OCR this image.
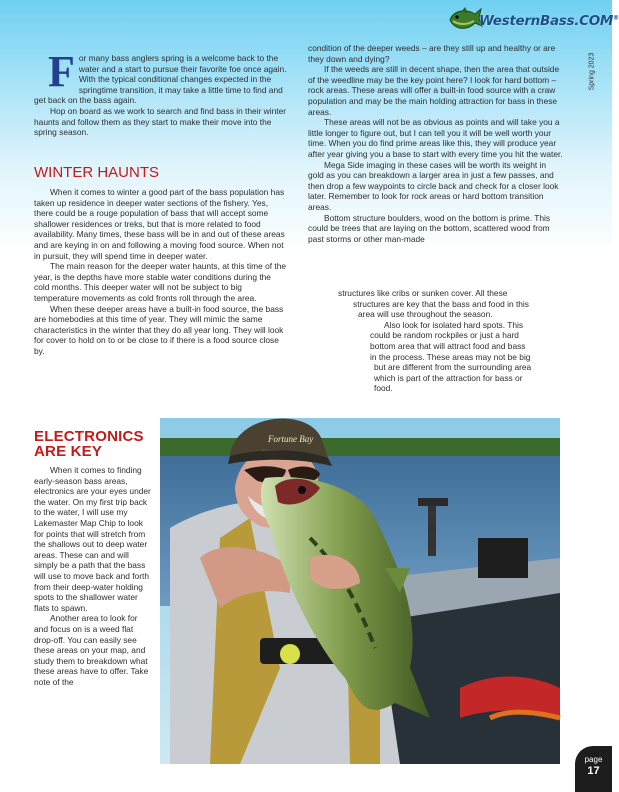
WesternBass.COM®
Spring 2023
F or many bass anglers spring is a welcome back to the water and a start to pursue their favorite foe once again. With the typical conditional changes expected in the springtime transition, it may take a little time to find and get back on the bass again.

Hop on board as we work to search and find bass in their winter haunts and follow them as they start to make their move into the spring season.

WINTER HAUNTS

When it comes to winter a good part of the bass population has taken up residence in deeper water sections of the fishery. Yes, there could be a rouge population of bass that will accept some shallower residences or treks, but that is more related to food availability. Many times, these bass will be in and out of these areas and are keying in on and following a moving food source. When not in pursuit, they will spend time in deeper water.

The main reason for the deeper water haunts, at this time of the year, is the depths have more stable water conditions during the cold months. This deeper water will not be subject to big temperature movements as cold fronts roll through the area.

When these deeper areas have a built-in food source, the bass are homebodies at this time of year. They will mimic the same characteristics in the winter that they do all year long. They will look for cover to hold on to or be close to if there is a food source close by.

ELECTRONICS
ARE KEY

When it comes to finding early-season bass areas, electronics are your eyes under the water. On my first trip back to the water, I will use my Lakemaster Map Chip to look for points that will stretch from the shallows out to deep water areas. These can and will simply be a path that the bass will use to move back and forth from their deep-water holding spots to the shallower water flats to spawn.

Another area to look for and focus on is a weed flat drop-off. You can easily see these areas on your map, and study them to breakdown what these areas have to offer. Take note of the

condition of the deeper weeds – are they still up and healthy or are they down and dying?

If the weeds are still in decent shape, then the area that outside of the weedline may be the key point here? I look for hard bottom – rock areas. These areas will offer a built-in food source with a craw population and may be the main holding attraction for bass in these areas.

These areas will not be as obvious as points and will take you a little longer to figure out, but I can tell you it will be well worth your time. When you do find prime areas like this, they will produce year after year giving you a base to start with every time you hit the water.

Mega Side imaging in these cases will be worth its weight in gold as you can breakdown a larger area in just a few passes, and then drop a few waypoints to circle back and check for a closer look later. Remember to look for rock areas or hard bottom transition areas.

Bottom structure boulders, wood on the bottom is prime. This could be trees that are laying on the bottom, scattered wood from past storms or other man-made

structures like cribs or sunken cover. All these
structures are key that the bass and food in this
area will use throughout the season.
Also look for isolated hard spots. This
could be random rockpiles or just a hard
bottom area that will attract food and bass
in the process. These areas may not be big
but are different from the surrounding area
which is part of the attraction for bass or
food.
Fortune Bay
page
17
